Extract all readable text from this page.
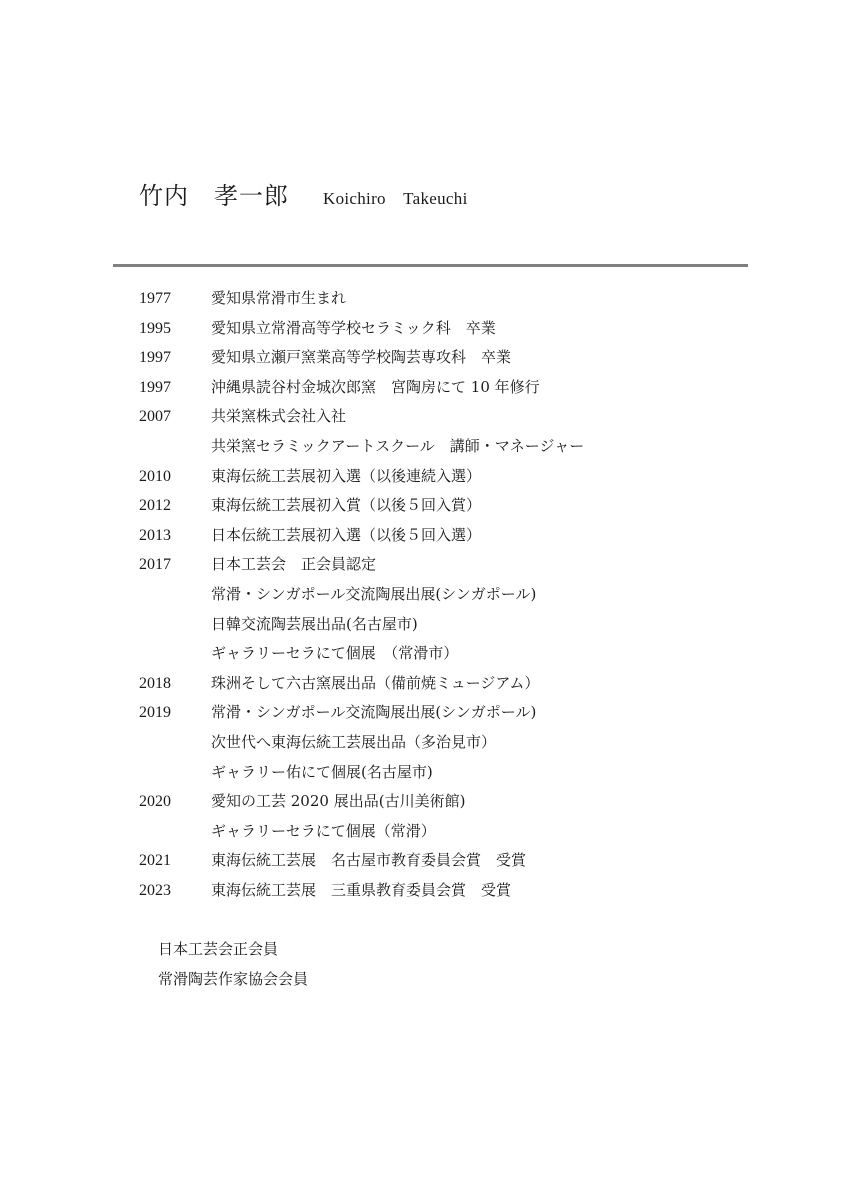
竹内　孝一郎 Koichiro　Takeuchi
1977	愛知県常滑市生まれ
1995	愛知県立常滑高等学校セラミック科　卒業
1997	愛知県立瀬戸窯業高等学校陶芸専攻科　卒業
1997	沖縄県読谷村金城次郎窯　宮陶房にて 10 年修行
2007	共栄窯株式会社入社
共栄窯セラミックアートスクール　講師・マネージャー
2010	東海伝統工芸展初入選（以後連続入選）
2012	東海伝統工芸展初入賞（以後５回入賞）
2013	日本伝統工芸展初入選（以後５回入選）
2017	日本工芸会　正会員認定
常滑・シンガポール交流陶展出展(シンガポール)
日韓交流陶芸展出品(名古屋市)
ギャラリーセラにて個展　（常滑市）
2018	珠洲そして六古窯展出品（備前焼ミュージアム）
2019	常滑・シンガポール交流陶展出展(シンガポール)
次世代へ東海伝統工芸展出品（多治見市）
ギャラリー佑にて個展(名古屋市)
2020	愛知の工芸 2020 展出品(古川美術館)
ギャラリーセラにて個展（常滑）
2021	東海伝統工芸展　名古屋市教育委員会賞　受賞
2023	東海伝統工芸展　三重県教育委員会賞　受賞
日本工芸会正会員
常滑陶芸作家協会会員
